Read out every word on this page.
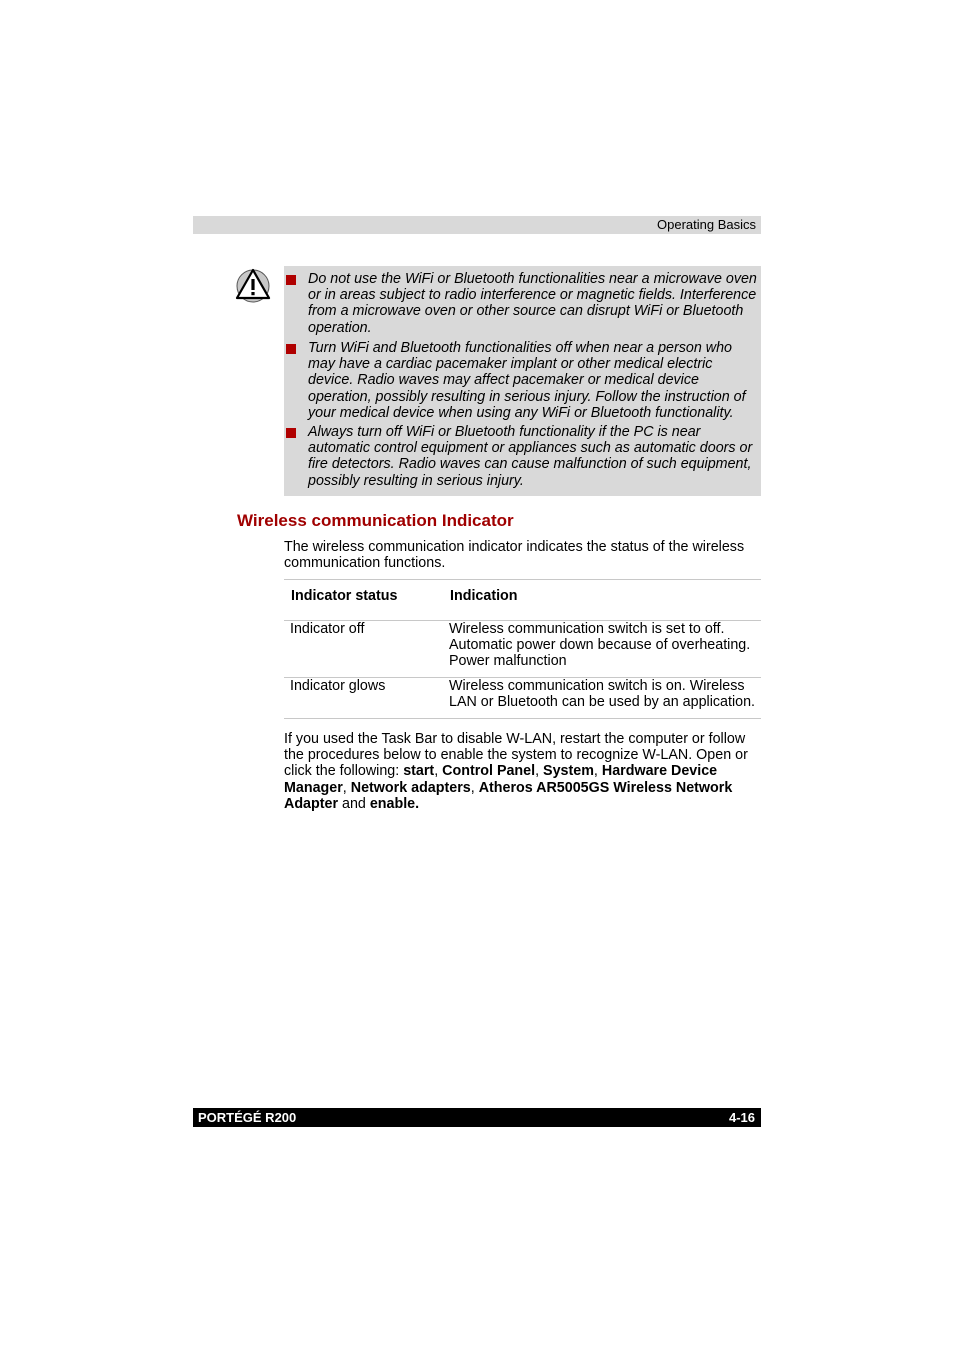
Operating Basics
Do not use the WiFi or Bluetooth functionalities near a microwave oven or in areas subject to radio interference or magnetic fields. Interference from a microwave oven or other source can disrupt WiFi or Bluetooth operation.
Turn WiFi and Bluetooth functionalities off when near a person who may have a cardiac pacemaker implant or other medical electric device. Radio waves may affect pacemaker or medical device operation, possibly resulting in serious injury. Follow the instruction of your medical device when using any WiFi or Bluetooth functionality.
Always turn off WiFi or Bluetooth functionality if the PC is near automatic control equipment or appliances such as automatic doors or fire detectors. Radio waves can cause malfunction of such equipment, possibly resulting in serious injury.
Wireless communication Indicator
The wireless communication indicator indicates the status of the wireless communication functions.
Indicator status	Indication
Indicator off	Wireless communication switch is set to off.
Automatic power down because of overheating.
Power malfunction

Indicator glows	Wireless communication switch is on. Wireless LAN or Bluetooth can be used by an application.
If you used the Task Bar to disable W-LAN, restart the computer or follow the procedures below to enable the system to recognize W-LAN. Open or click the following: start, Control Panel, System, Hardware Device Manager, Network adapters, Atheros AR5005GS Wireless Network Adapter and enable.
PORTÉGÉ R200	4-16
